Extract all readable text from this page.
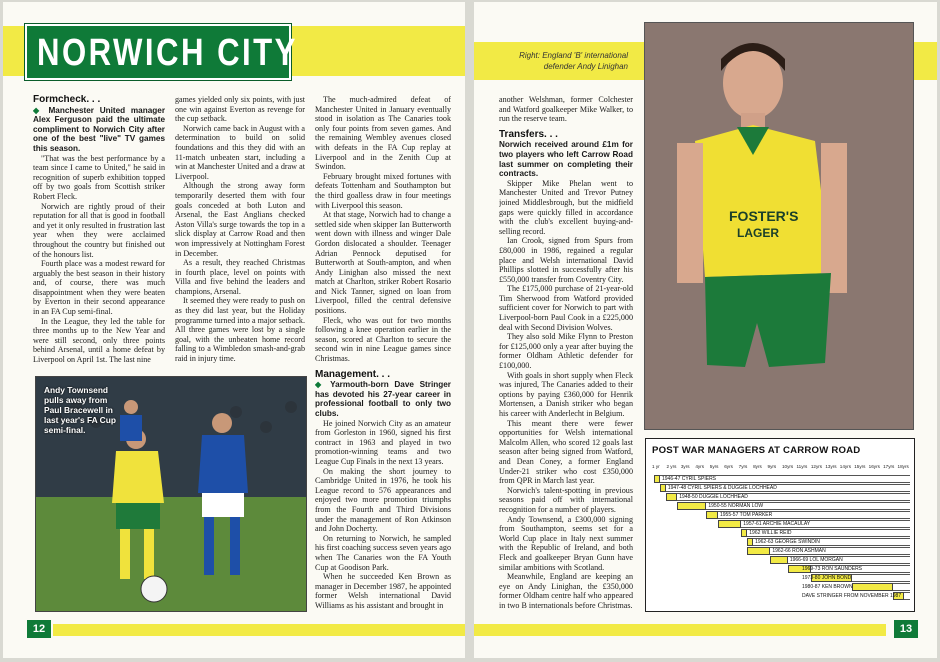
NORWICH CITY
Formcheck. . .

◆ Manchester United manager Alex Ferguson paid the ultimate compliment to Norwich City after one of the best "live" TV games this season.

"That was the best performance by a team since I came to United," he said in recognition of superb exhibition topped off by two goals from Scottish striker Robert Fleck.

Norwich are rightly proud of their reputation for all that is good in football and yet it only resulted in frustration last year when they were acclaimed throughout the country but finished out of the honours list.

Fourth place was a modest reward for arguably the best season in their history and, of course, there was much disappointment when they were beaten by Everton in their second appearance in an FA Cup semi-final.

In the League, they led the table for three months up to the New Year and were still second, only three points behind Arsenal, until a home defeat by Liverpool on April 1st. The last nine

games yielded only six points, with just one win against Everton as revenge for the cup setback.

Norwich came back in August with a determination to build on solid foundations and this they did with an 11-match unbeaten start, including a win at Manchester United and a draw at Liverpool.

Although the strong away form temporarily deserted them with four goals conceded at both Luton and Arsenal, the East Anglians checked Aston Villa's surge towards the top in a slick display at Carrow Road and then won impressively at Nottingham Forest in December.

As a result, they reached Christmas in fourth place, level on points with Villa and five behind the leaders and champions, Arsenal.

It seemed they were ready to push on as they did last year, but the Holiday programme turned into a major setback. All three games were lost by a single goal, with the unbeaten home record falling to a Wimbledon smash-and-grab raid in injury time.

The much-admired defeat of Manchester United in January eventually stood in isolation as The Canaries took only four points from seven games. And the remaining Wembley avenues closed with defeats in the FA Cup replay at Liverpool and in the Zenith Cup at Swindon.

February brought mixed fortunes with defeats Tottenham and Southampton but the third goalless draw in four meetings with Liverpool this season.

At that stage, Norwich had to change a settled side when skipper Ian Butterworth went down with illness and winger Dale Gordon dislocated a shoulder. Teenager Adrian Pennock deputised for Butterworth at South-ampton, and when Andy Linighan also missed the next match at Charlton, striker Robert Rosario and Nick Tanner, signed on loan from Liverpool, filled the central defensive positions.

Fleck, who was out for two months following a knee operation earlier in the season, scored at Charlton to secure the second win in nine League games since Christmas.

Management. . .

◆ Yarmouth-born Dave Stringer has devoted his 27-year career in professional football to only two clubs.

He joined Norwich City as an amateur from Gorleston in 1960, signed his first contract in 1963 and played in two promotion-winning teams and two League Cup Finals in the next 13 years.

On making the short journey to Cambridge United in 1976, he took his League record to 576 appearances and enjoyed two more promotion triumphs from the Fourth and Third Divisions under the management of Ron Atkinson and John Docherty.

On returning to Norwich, he sampled his first coaching success seven years ago when The Canaries won the FA Youth Cup at Goodison Park.

When he succeeded Ken Brown as manager in December 1987, he appointed former Welsh international David Williams as his assistant and brought in

Andy Townsend pulls away from Paul Bracewell in last year's FA Cup semi-final.
12
Right: England 'B' international defender Andy Linighan
FOSTER'S
LAGER

another Welshman, former Colchester and Watford goalkeeper Mike Walker, to run the reserve team.

Transfers. . .

Norwich received around £1m for two players who left Carrow Road last summer on completing their contracts.

Skipper Mike Phelan went to Manchester United and Trevor Putney joined Middlesbrough, but the midfield gaps were quickly filled in accordance with the club's excellent buying-and-selling record.

Ian Crook, signed from Spurs from £80,000 in 1986, regained a regular place and Welsh international David Phillips slotted in successfully after his £550,000 transfer from Coventry City.

The £175,000 purchase of 21-year-old Tim Sherwood from Watford provided sufficient cover for Norwich to part with Liverpool-born Paul Cook in a £225,000 deal with Second Division Wolves.

They also sold Mike Flynn to Preston for £125,000 only a year after buying the former Oldham Athletic defender for £100,000.

With goals in short supply when Fleck was injured, The Canaries added to their options by paying £360,000 for Henrik Mortensen, a Danish striker who began his career with Anderlecht in Belgium.

This meant there were fewer opportunities for Welsh international Malcolm Allen, who scored 12 goals last season after being signed from Watford, and Dean Coney, a former England Under-21 striker who cost £350,000 from QPR in March last year.

Norwich's talent-spotting in previous seasons paid off with international recognition for a number of players.

Andy Townsend, a £300,000 signing from Southampton, seems set for a World Cup place in Italy next summer with the Republic of Ireland, and both Fleck and goalkeeper Bryan Gunn have similar ambitions with Scotland.

Meanwhile, England are keeping an eye on Andy Linighan, the £350,000 former Oldham centre half who appeared in two B internationals before Christmas.

POST WAR MANAGERS AT CARROW ROAD
1 yr 2 yrs 3yrs 4yrs 5yrs 6yrs 7yrs 8yrs 9yrs 10yrs 11yrs 12yrs 13yrs 14yrs 15yrs 16yrs 17yrs 18yrs
1946-47 CYRIL SPIERS
1947-48 CYRIL SPIERS & DUGGIE LOCHHEAD
1948-50 DUGGIE LOCHHEAD
1950-55 NORMAN LOW
1955-57 TOM PARKER
1957-61 ARCHIE MACAULAY
1962 WILLIE REID
1962-63 GEORGE SWINDIN
1962-66 RON ASHMAN
1966-69 LOL MORGAN
1969-73 RON SAUNDERS
1973-80 JOHN BOND
1980-87 KEN BROWN
DAVE STRINGER FROM NOVEMBER 1987
13
